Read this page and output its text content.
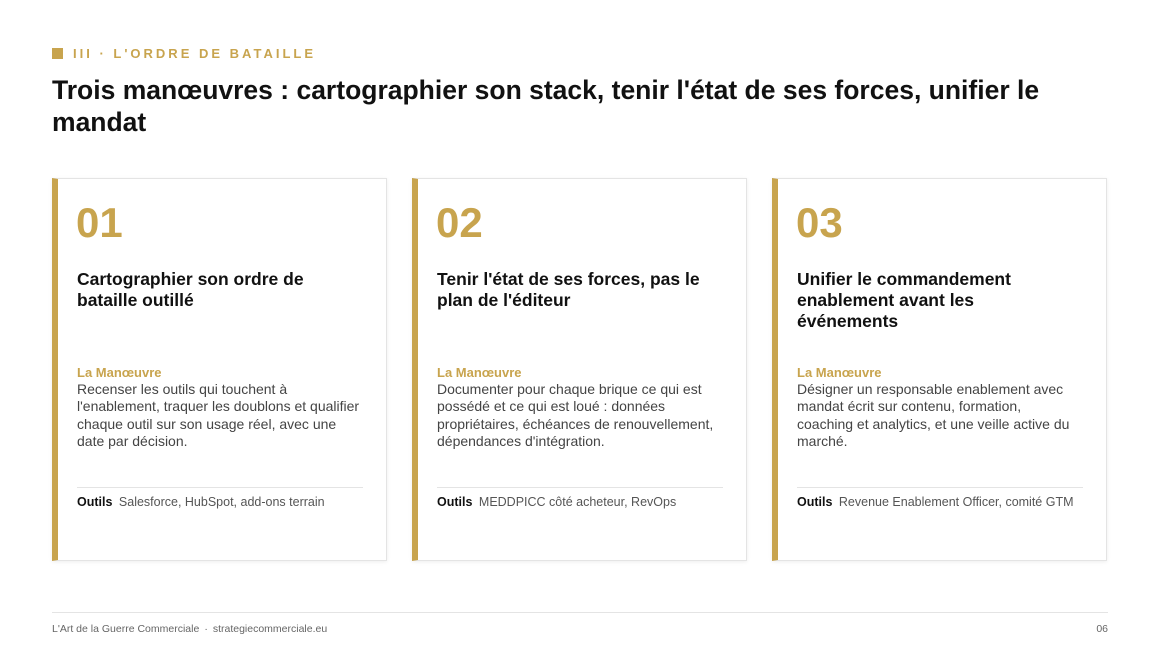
III · L'ORDRE DE BATAILLE
Trois manœuvres : cartographier son stack, tenir l'état de ses forces, unifier le mandat
01
Cartographier son ordre de bataille outillé
La Manœuvre
Recenser les outils qui touchent à l'enablement, traquer les doublons et qualifier chaque outil sur son usage réel, avec une date par décision.
Outils Salesforce, HubSpot, add-ons terrain
02
Tenir l'état de ses forces, pas le plan de l'éditeur
La Manœuvre
Documenter pour chaque brique ce qui est possédé et ce qui est loué : données propriétaires, échéances de renouvellement, dépendances d'intégration.
Outils MEDDPICC côté acheteur, RevOps
03
Unifier le commandement enablement avant les événements
La Manœuvre
Désigner un responsable enablement avec mandat écrit sur contenu, formation, coaching et analytics, et une veille active du marché.
Outils Revenue Enablement Officer, comité GTM
L'Art de la Guerre Commerciale · strategiecommerciale.eu	06
